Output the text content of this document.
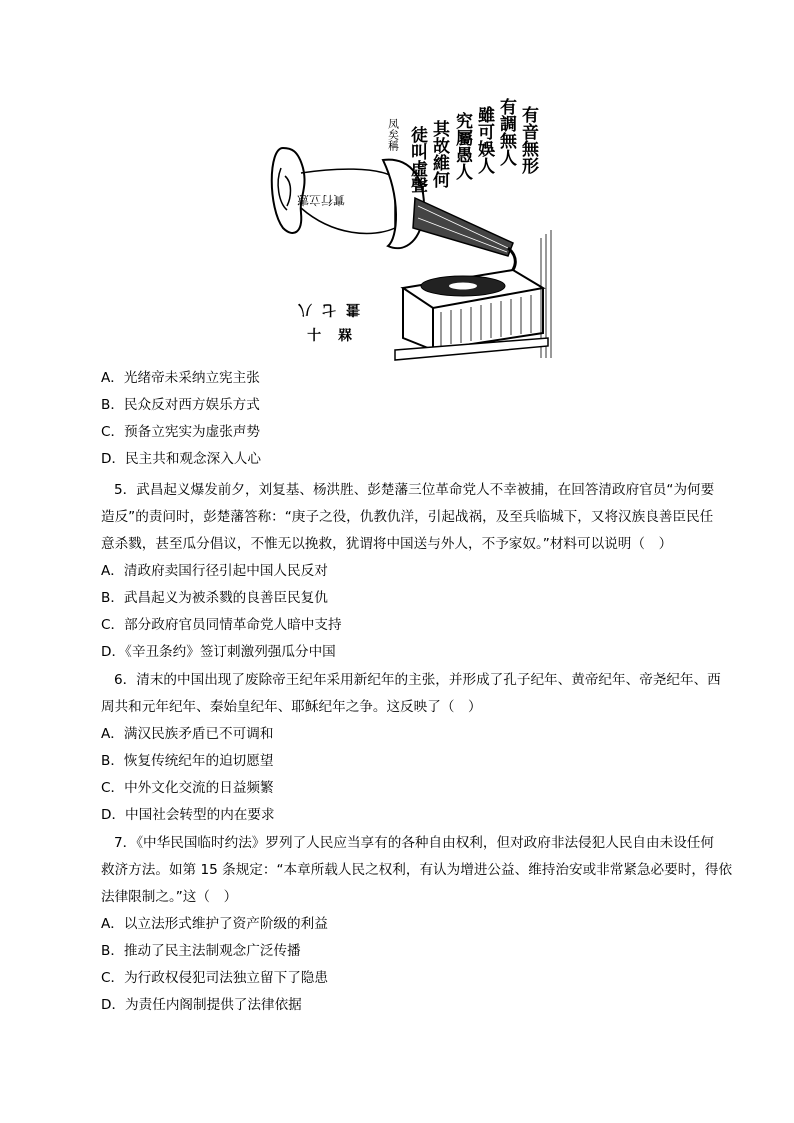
有音無形
有調無人
雖可娛人
究屬愚人
其故維何
徒叫虛聲
凤矣稱
實行立憲
畫七八
十 槑
A．光绪帝未采纳立宪主张
B．民众反对西方娱乐方式
C．预备立宪实为虚张声势
D．民主共和观念深入人心
5．武昌起义爆发前夕，刘复基、杨洪胜、彭楚藩三位革命党人不幸被捕，在回答清政府官员“为何要
造反”的责问时，彭楚藩答称：“庚子之役，仇教仇洋，引起战祸，及至兵临城下，又将汉族良善臣民任
意杀戮，甚至瓜分倡议，不惟无以挽救，犹谓将中国送与外人，不予家奴。”材料可以说明（　）
A．清政府卖国行径引起中国人民反对
B．武昌起义为被杀戮的良善臣民复仇
C．部分政府官员同情革命党人暗中支持
D．《辛丑条约》签订刺激列强瓜分中国
6．清末的中国出现了废除帝王纪年采用新纪年的主张，并形成了孔子纪年、黄帝纪年、帝尧纪年、西
周共和元年纪年、秦始皇纪年、耶稣纪年之争。这反映了（　）
A．满汉民族矛盾已不可调和
B．恢复传统纪年的迫切愿望
C．中外文化交流的日益频繁
D．中国社会转型的内在要求
7．《中华民国临时约法》罗列了人民应当享有的各种自由权利，但对政府非法侵犯人民自由未设任何
救济方法。如第 15 条规定：“本章所载人民之权利，有认为增进公益、维持治安或非常紧急必要时，得依
法律限制之。”这（　）
A．以立法形式维护了资产阶级的利益
B．推动了民主法制观念广泛传播
C．为行政权侵犯司法独立留下了隐患
D．为责任内阁制提供了法律依据
